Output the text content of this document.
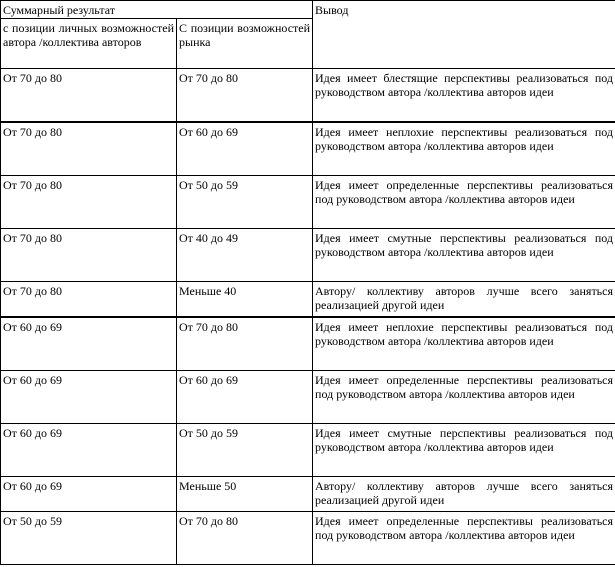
Суммарный результат		Вывод
с позиции личных возможностей автора /коллектива авторов	С позиции возможностей рынка	
От 70 до 80	От 70 до 80	Идея имеет блестящие перспективы реализоваться под руководством автора /коллектива авторов идеи
От 70 до 80	От 60 до 69	Идея имеет неплохие перспективы реализоваться под руководством автора /коллектива авторов идеи
От 70 до 80	От 50 до 59	Идея имеет определенные перспективы реализоваться под руководством автора /коллектива авторов идеи
От 70 до 80	От 40 до 49	Идея имеет смутные перспективы реализоваться под руководством автора /коллектива авторов идеи
От 70 до 80	Меньше 40	Автору/ коллективу авторов лучше всего заняться реализацией другой идеи
От 60 до 69	От 70 до 80	Идея имеет неплохие перспективы реализоваться под руководством автора /коллектива авторов идеи
От 60 до 69	От 60 до 69	Идея имеет определенные перспективы реализоваться под руководством автора /коллектива авторов идеи
От 60 до 69	От 50 до 59	Идея имеет смутные перспективы реализоваться под руководством автора /коллектива авторов идеи
От 60 до 69	Меньше 50	Автору/ коллективу авторов лучше всего заняться реализацией другой идеи
От 50 до 59	От 70 до 80	Идея имеет определенные перспективы реализоваться под руководством автора /коллектива авторов идеи
